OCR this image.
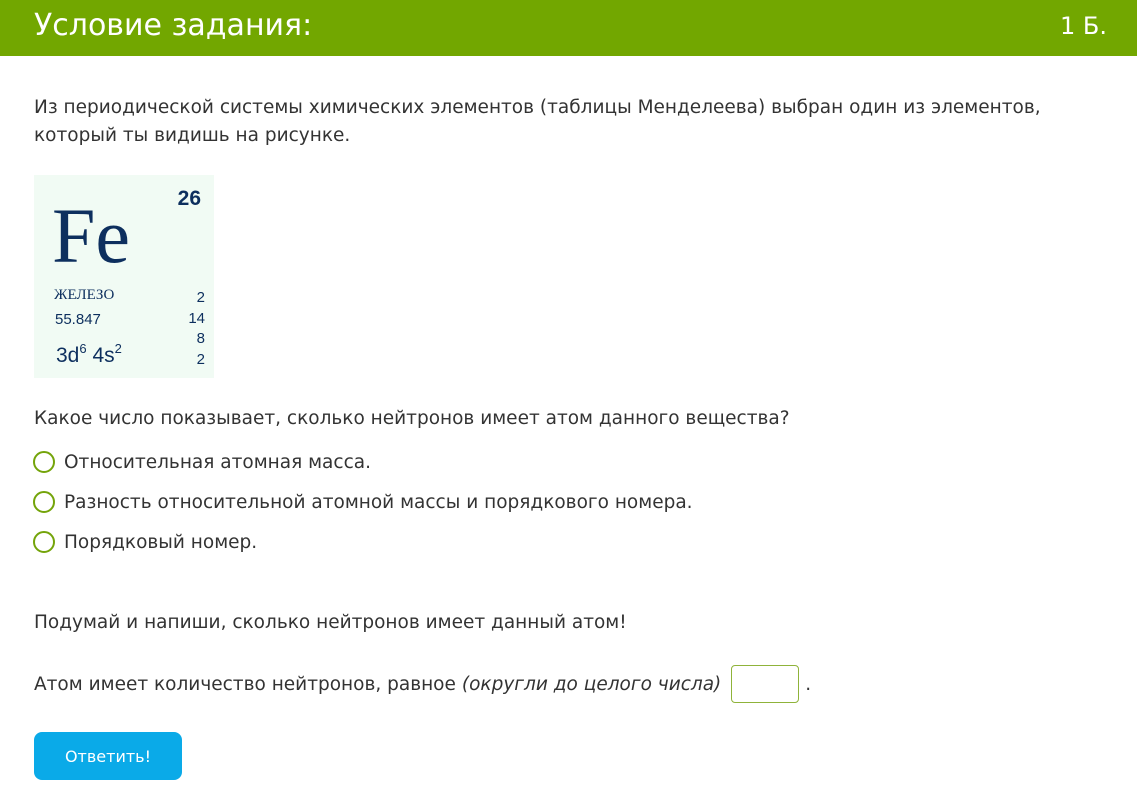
Условие задания:	1 Б.
Из периодической системы химических элементов (таблицы Менделеева) выбран один из элементов, который ты видишь на рисунке.
26
Fe
ЖЕЛЕЗО
55.847
$3d^6$ $4s^2$
2
14
8
2
Какое число показывает, сколько нейтронов имеет атом данного вещества?
Относительная атомная масса.
Разность относительной атомной массы и порядкового номера.
Порядковый номер.
Подумай и напиши, сколько нейтронов имеет данный атом!
Атом имеет количество нейтронов, равное (округли до целого числа)	.
Ответить!
